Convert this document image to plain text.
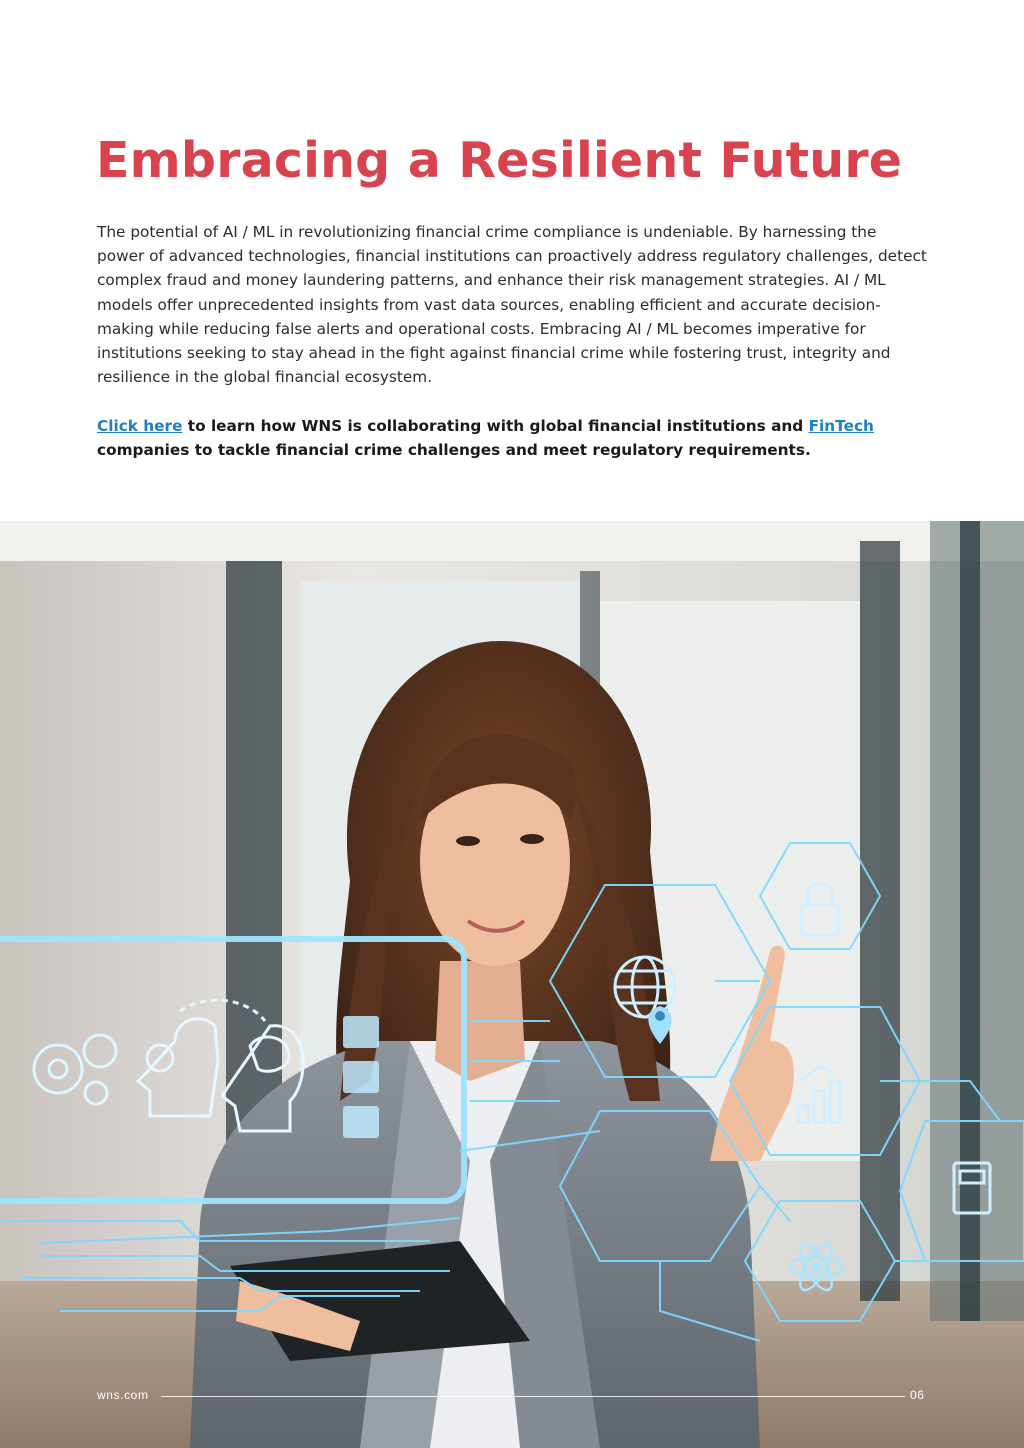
Embracing a Resilient Future

The potential of AI / ML in revolutionizing financial crime compliance is undeniable. By harnessing the power of advanced technologies, financial institutions can proactively address regulatory challenges, detect complex fraud and money laundering patterns, and enhance their risk management strategies. AI / ML models offer unprecedented insights from vast data sources, enabling efficient and accurate decision-making while reducing false alerts and operational costs. Embracing AI / ML becomes imperative for institutions seeking to stay ahead in the fight against financial crime while fostering trust, integrity and resilience in the global financial ecosystem.

Click here to learn how WNS is collaborating with global financial institutions and FinTech companies to tackle financial crime challenges and meet regulatory requirements.

wns.com	06
